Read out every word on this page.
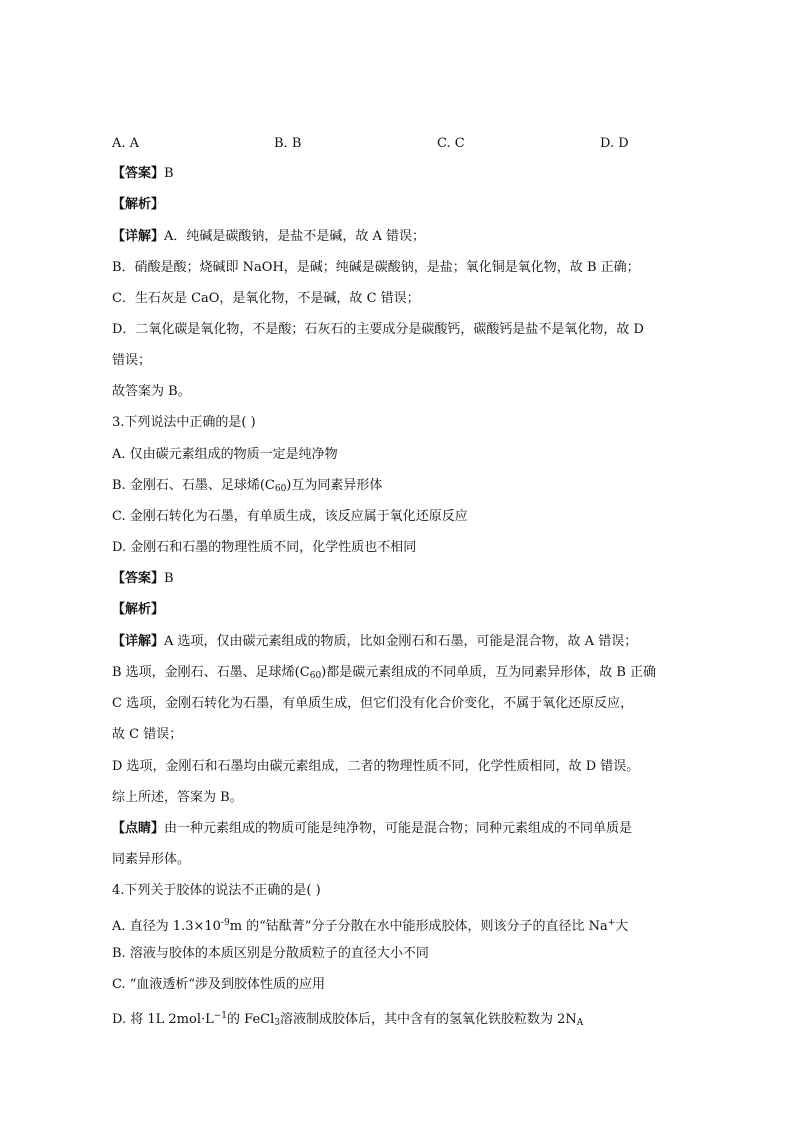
A. A	B. B	C. C	D. D
【答案】B
【解析】
【详解】A．纯碱是碳酸钠，是盐不是碱，故 A 错误；
B．硝酸是酸；烧碱即 NaOH，是碱；纯碱是碳酸钠，是盐；氧化铜是氧化物，故 B 正确；
C．生石灰是 CaO，是氧化物，不是碱，故 C 错误；
D．二氧化碳是氧化物，不是酸；石灰石的主要成分是碳酸钙，碳酸钙是盐不是氧化物，故 D
错误；
故答案为 B。
3.下列说法中正确的是( )
A. 仅由碳元素组成的物质一定是纯净物
B. 金刚石、石墨、足球烯$(C_{60})$互为同素异形体
C. 金刚石转化为石墨，有单质生成，该反应属于氧化还原反应
D. 金刚石和石墨的物理性质不同，化学性质也不相同
【答案】B
【解析】
【详解】A 选项，仅由碳元素组成的物质，比如金刚石和石墨，可能是混合物，故 A 错误；
B 选项，金刚石、石墨、足球烯$(C_{60})$都是碳元素组成的不同单质，互为同素异形体，故 B 正确
C 选项，金刚石转化为石墨，有单质生成，但它们没有化合价变化，不属于氧化还原反应，
故 C 错误；
D 选项，金刚石和石墨均由碳元素组成，二者的物理性质不同，化学性质相同，故 D 错误。
综上所述，答案为 B。
【点睛】由一种元素组成的物质可能是纯净物，可能是混合物；同种元素组成的不同单质是
同素异形体。
4.下列关于胶体的说法不正确的是( )
A. 直径为 $1.3\times 10^{-9}m$ 的“钴酞菁”分子分散在水中能形成胶体，则该分子的直径比 Na+大
B. 溶液与胶体的本质区别是分散质粒子的直径大小不同
C. “血液透析“涉及到胶体性质的应用
D. 将 1L $2mol\cdot L^{-1}$的 FeCl$_3$溶液制成胶体后，其中含有的氢氧化铁胶粒数为 $2N_A$
